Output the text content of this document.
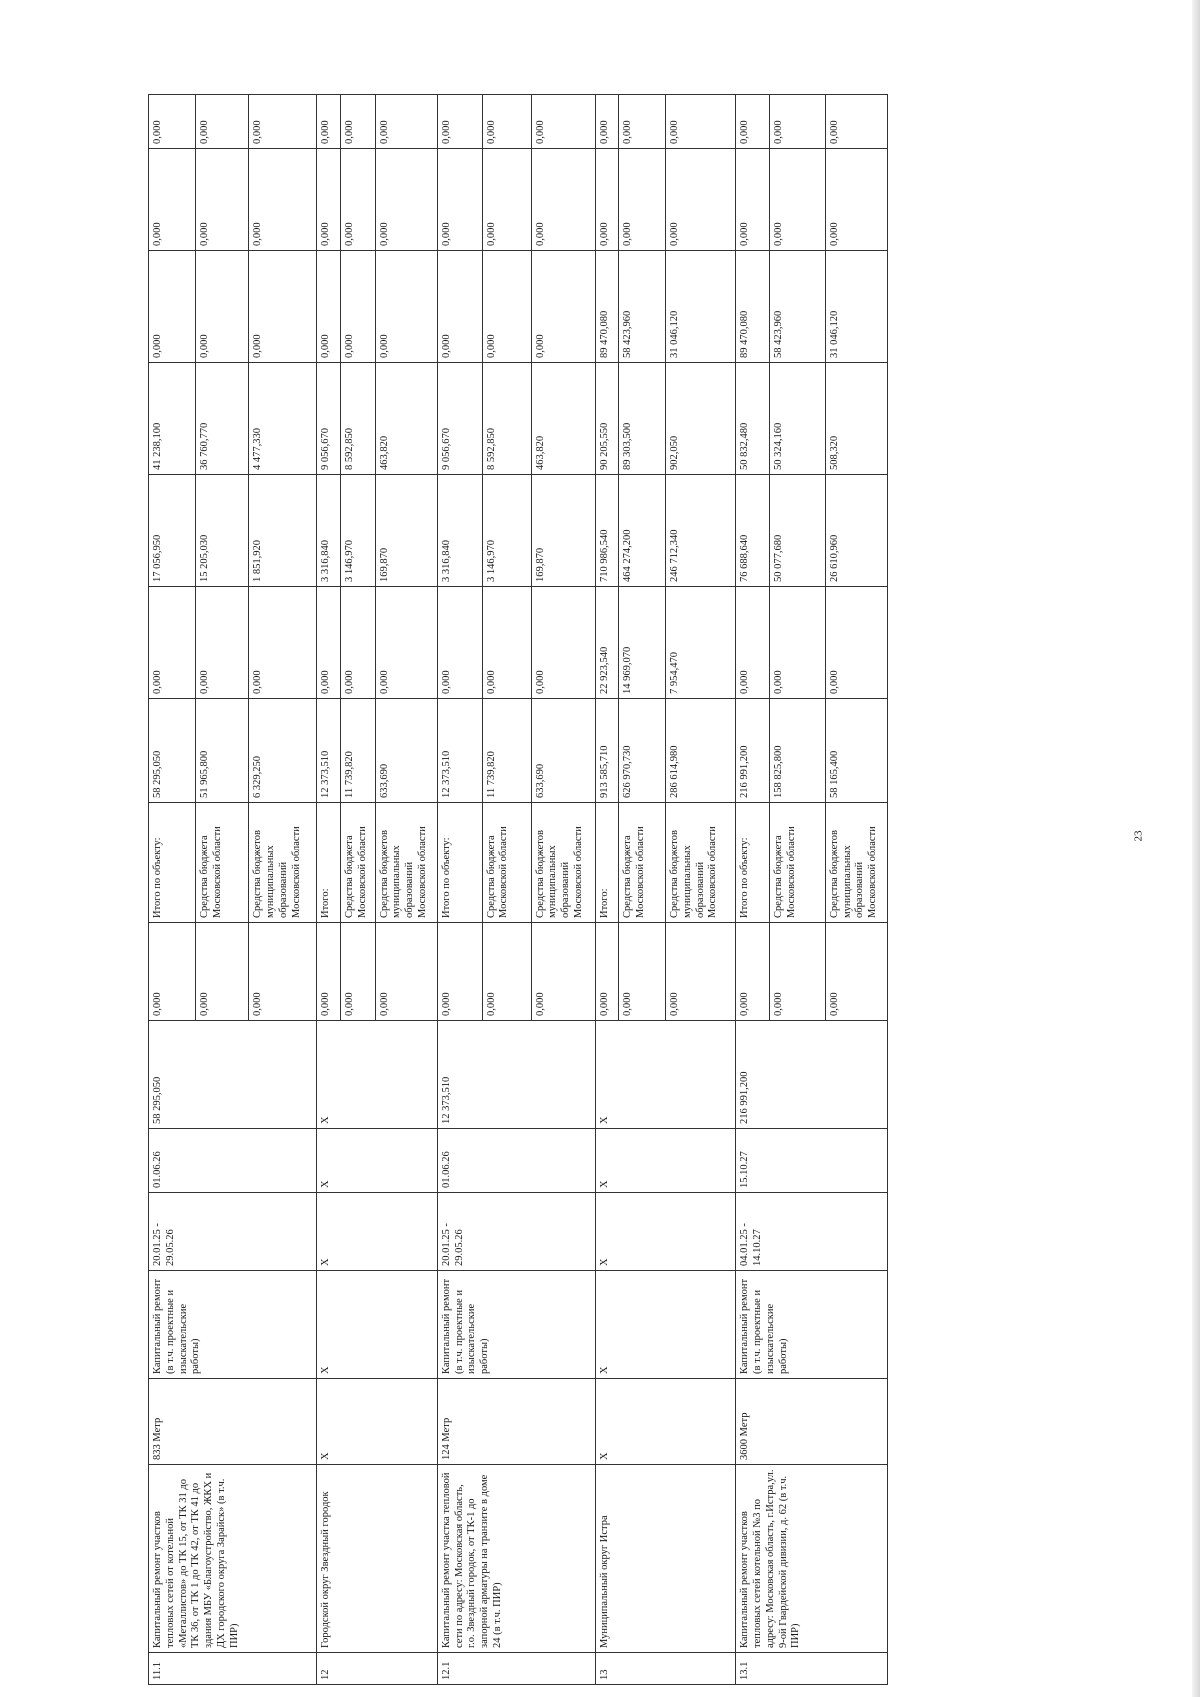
11.1	Капитальный ремонт участков тепловых сетей от котельной «Металлистов» до ТК 15, от ТК 31 до ТК 36, от ТК 1 до ТК 42, от ТК 41 до здания МБУ «Благоустройство, ЖКХ и ДХ городского округа Зарайск» (в т.ч. ПИР)	833 Метр	Капитальный ремонт (в т.ч. проектные и изыскательские работы)	20.01.25 - 29.05.26	01.06.26	58 295,050	0,000	Итого по объекту:	58 295,050	0,000	17 056,950	41 238,100	0,000	0,000	0,000
							0,000	Средства бюджета Московской области	51 965,800	0,000	15 205,030	36 760,770	0,000	0,000	0,000
							0,000	Средства бюджетов муниципальных образований Московской области	6 329,250	0,000	1 851,920	4 477,330	0,000	0,000	0,000
12	Городской округ Звездный городок	X	X	X	X	X	0,000	Итого:	12 373,510	0,000	3 316,840	9 056,670	0,000	0,000	0,000
							0,000	Средства бюджета Московской области	11 739,820	0,000	3 146,970	8 592,850	0,000	0,000	0,000
							0,000	Средства бюджетов муниципальных образований Московской области	633,690	0,000	169,870	463,820	0,000	0,000	0,000
12.1	Капитальный ремонт участка тепловой сети по адресу: Московская область, г.о. Звездный городок, от ТК-1 до запорной арматуры на транзите в доме 24 (в т.ч. ПИР)	124 Метр	Капитальный ремонт (в т.ч. проектные и изыскательские работы)	20.01.25 - 29.05.26	01.06.26	12 373,510	0,000	Итого по объекту:	12 373,510	0,000	3 316,840	9 056,670	0,000	0,000	0,000
							0,000	Средства бюджета Московской области	11 739,820	0,000	3 146,970	8 592,850	0,000	0,000	0,000
							0,000	Средства бюджетов муниципальных образований Московской области	633,690	0,000	169,870	463,820	0,000	0,000	0,000
13	Муниципальный округ Истра	X	X	X	X	X	0,000	Итого:	913 585,710	22 923,540	710 986,540	90 205,550	89 470,080	0,000	0,000
							0,000	Средства бюджета Московской области	626 970,730	14 969,070	464 274,200	89 303,500	58 423,960	0,000	0,000
							0,000	Средства бюджетов муниципальных образований Московской области	286 614,980	7 954,470	246 712,340	902,050	31 046,120	0,000	0,000
13.1	Капитальный ремонт участков тепловых сетей котельной №3 по адресу: Московская область, г.Истра,ул. 9-ой Гвардейской дивизии, д. 62 (в т.ч. ПИР)	3600 Метр	Капитальный ремонт (в т.ч. проектные и изыскательские работы)	04.01.25 - 14.10.27	15.10.27	216 991,200	0,000	Итого по объекту:	216 991,200	0,000	76 688,640	50 832,480	89 470,080	0,000	0,000
							0,000	Средства бюджета Московской области	158 825,800	0,000	50 077,680	50 324,160	58 423,960	0,000	0,000
							0,000	Средства бюджетов муниципальных образований Московской области	58 165,400	0,000	26 610,960	508,320	31 046,120	0,000	0,000
23
